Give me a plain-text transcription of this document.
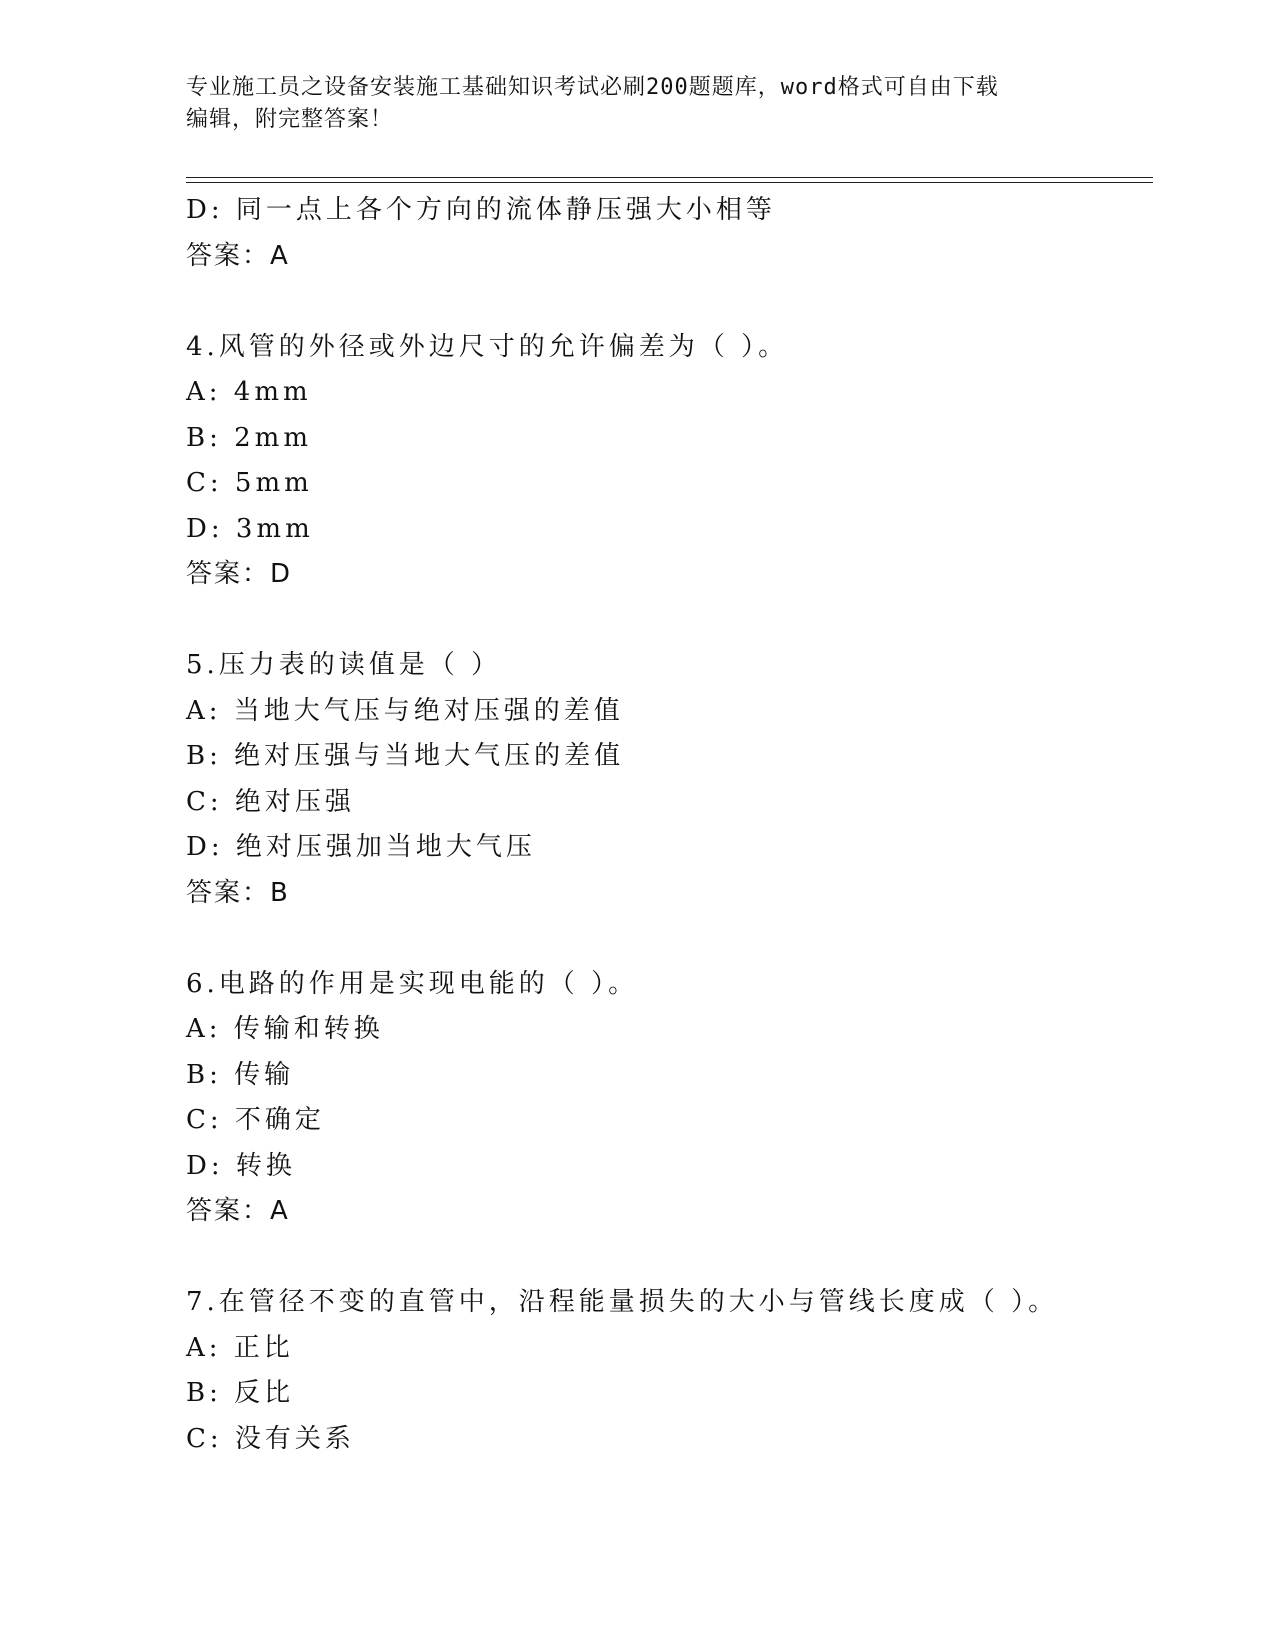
专业施工员之设备安装施工基础知识考试必刷200题题库，word格式可自由下载
编辑，附完整答案！
D: 同一点上各个方向的流体静压强大小相等
答案：A
4.风管的外径或外边尺寸的允许偏差为（ ）。
A: 4mm
B: 2mm
C: 5mm
D: 3mm
答案：D
5.压力表的读值是（ ）
A: 当地大气压与绝对压强的差值
B: 绝对压强与当地大气压的差值
C: 绝对压强
D: 绝对压强加当地大气压
答案：B
6.电路的作用是实现电能的（ ）。
A: 传输和转换
B: 传输
C: 不确定
D: 转换
答案：A
7.在管径不变的直管中，沿程能量损失的大小与管线长度成（ ）。
A: 正比
B: 反比
C: 没有关系
